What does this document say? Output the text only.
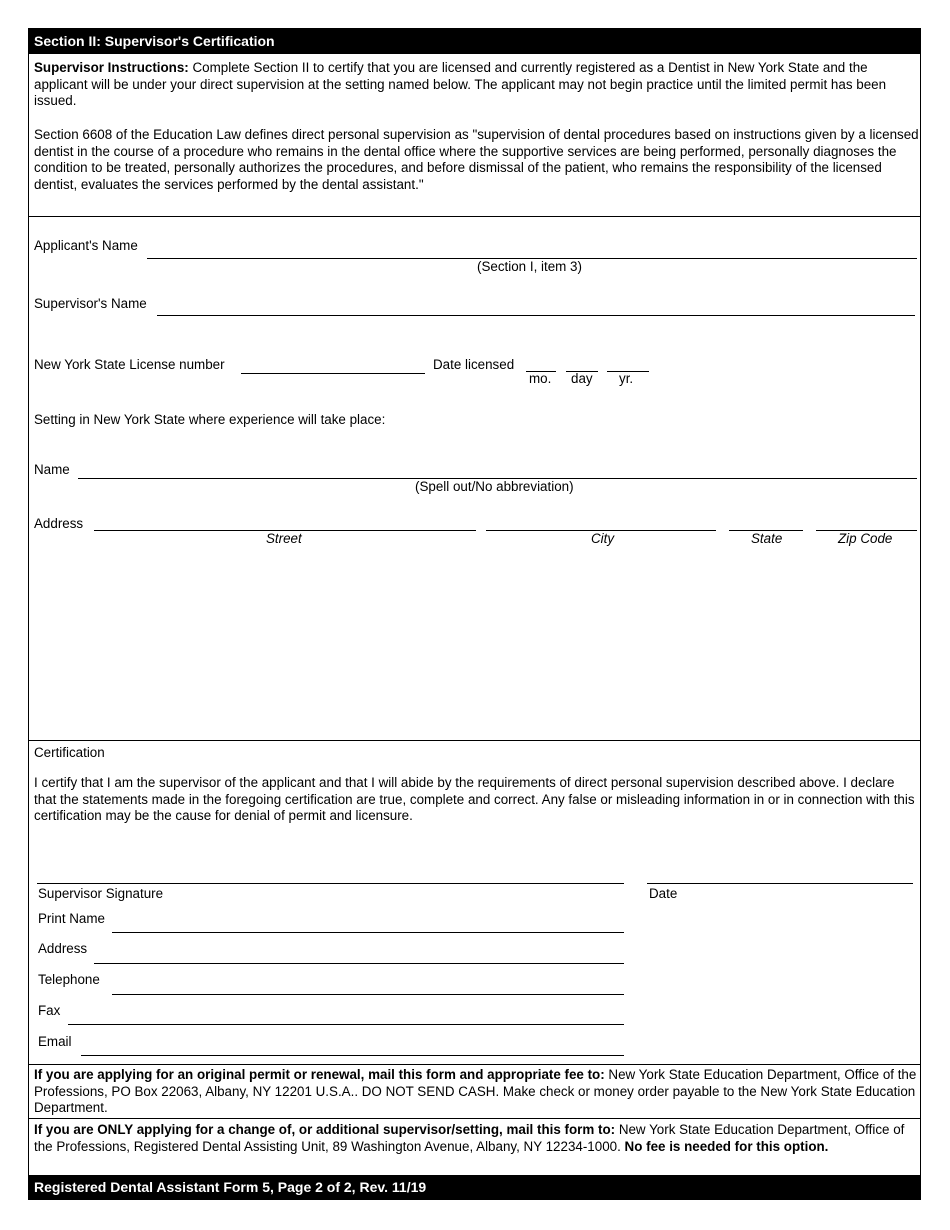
Section II: Supervisor's Certification
Supervisor Instructions: Complete Section II to certify that you are licensed and currently registered as a Dentist in New York State and the applicant will be under your direct supervision at the setting named below. The applicant may not begin practice until the limited permit has been issued.
Section 6608 of the Education Law defines direct personal supervision as "supervision of dental procedures based on instructions given by a licensed dentist in the course of a procedure who remains in the dental office where the supportive services are being performed, personally diagnoses the condition to be treated, personally authorizes the procedures, and before dismissal of the patient, who remains the responsibility of the licensed dentist, evaluates the services performed by the dental assistant."
Applicant's Name
(Section I, item 3)
Supervisor's Name
New York State License number	Date licensed
mo. day yr.
Setting in New York State where experience will take place:
Name
(Spell out/No abbreviation)
Address
Street	City	State	Zip Code
Certification
I certify that I am the supervisor of the applicant and that I will abide by the requirements of direct personal supervision described above. I declare that the statements made in the foregoing certification are true, complete and correct. Any false or misleading information in or in connection with this certification may be the cause for denial of permit and licensure.
Supervisor Signature	Date
Print Name
Address
Telephone
Fax
Email
If you are applying for an original permit or renewal, mail this form and appropriate fee to: New York State Education Department, Office of the Professions, PO Box 22063, Albany, NY 12201 U.S.A.. DO NOT SEND CASH. Make check or money order payable to the New York State Education Department.
If you are ONLY applying for a change of, or additional supervisor/setting, mail this form to: New York State Education Department, Office of the Professions, Registered Dental Assisting Unit, 89 Washington Avenue, Albany, NY 12234-1000. No fee is needed for this option.
Registered Dental Assistant Form 5, Page 2 of 2, Rev. 11/19
